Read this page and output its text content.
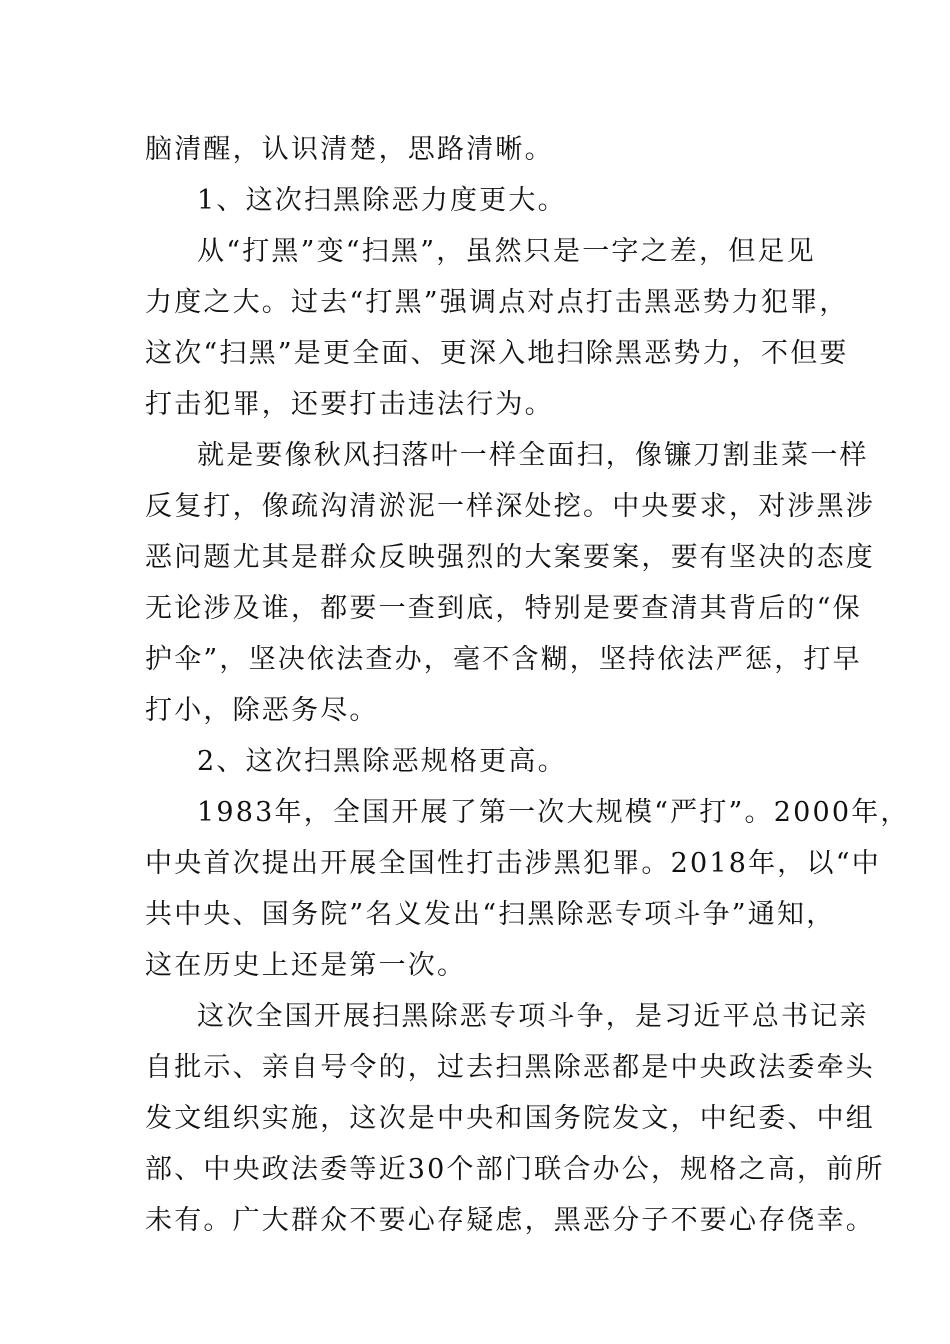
脑清醒，认识清楚，思路清晰。
1、这次扫黑除恶力度更大。
从“打黑”变“扫黑”，虽然只是一字之差，但足见
力度之大。过去“打黑”强调点对点打击黑恶势力犯罪，
这次“扫黑”是更全面、更深入地扫除黑恶势力，不但要
打击犯罪，还要打击违法行为。
就是要像秋风扫落叶一样全面扫，像镰刀割韭菜一样
反复打，像疏沟清淤泥一样深处挖。中央要求，对涉黑涉
恶问题尤其是群众反映强烈的大案要案，要有坚决的态度
无论涉及谁，都要一查到底，特别是要查清其背后的“保
护伞”，坚决依法查办，毫不含糊，坚持依法严惩，打早
打小，除恶务尽。
2、这次扫黑除恶规格更高。
1983年，全国开展了第一次大规模“严打”。2000年，
中央首次提出开展全国性打击涉黑犯罪。2018年，以“中
共中央、国务院”名义发出“扫黑除恶专项斗争”通知，
这在历史上还是第一次。
这次全国开展扫黑除恶专项斗争，是习近平总书记亲
自批示、亲自号令的，过去扫黑除恶都是中央政法委牵头
发文组织实施，这次是中央和国务院发文，中纪委、中组
部、中央政法委等近30个部门联合办公，规格之高，前所
未有。广大群众不要心存疑虑，黑恶分子不要心存侥幸。
